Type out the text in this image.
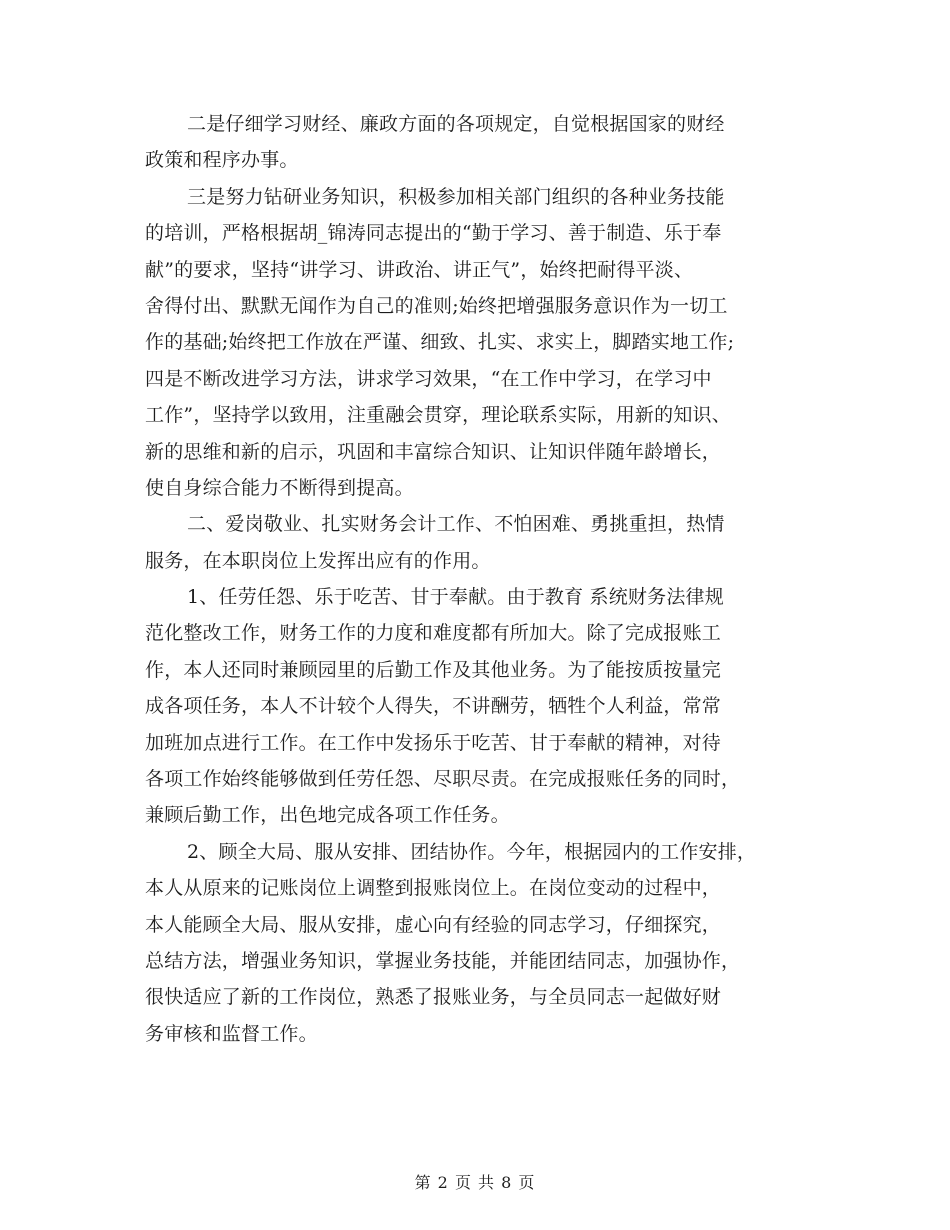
二是仔细学习财经、廉政方面的各项规定，自觉根据国家的财经
政策和程序办事。
三是努力钻研业务知识，积极参加相关部门组织的各种业务技能
的培训，严格根据胡_锦涛同志提出的“勤于学习、善于制造、乐于奉
献”的要求，坚持“讲学习、讲政治、讲正气”，始终把耐得平淡、
舍得付出、默默无闻作为自己的准则;始终把增强服务意识作为一切工
作的基础;始终把工作放在严谨、细致、扎实、求实上，脚踏实地工作;
四是不断改进学习方法，讲求学习效果，“在工作中学习，在学习中
工作”，坚持学以致用，注重融会贯穿，理论联系实际，用新的知识、
新的思维和新的启示，巩固和丰富综合知识、让知识伴随年龄增长，
使自身综合能力不断得到提高。
二、爱岗敬业、扎实财务会计工作、不怕困难、勇挑重担，热情
服务，在本职岗位上发挥出应有的作用。
1、任劳任怨、乐于吃苦、甘于奉献。由于教育 系统财务法律规
范化整改工作，财务工作的力度和难度都有所加大。除了完成报账工
作，本人还同时兼顾园里的后勤工作及其他业务。为了能按质按量完
成各项任务，本人不计较个人得失，不讲酬劳，牺牲个人利益，常常
加班加点进行工作。在工作中发扬乐于吃苦、甘于奉献的精神，对待
各项工作始终能够做到任劳任怨、尽职尽责。在完成报账任务的同时，
兼顾后勤工作，出色地完成各项工作任务。
2、顾全大局、服从安排、团结协作。今年，根据园内的工作安排，
本人从原来的记账岗位上调整到报账岗位上。在岗位变动的过程中，
本人能顾全大局、服从安排，虚心向有经验的同志学习，仔细探究，
总结方法，增强业务知识，掌握业务技能，并能团结同志，加强协作，
很快适应了新的工作岗位，熟悉了报账业务，与全员同志一起做好财
务审核和监督工作。
第 2 页 共 8 页
